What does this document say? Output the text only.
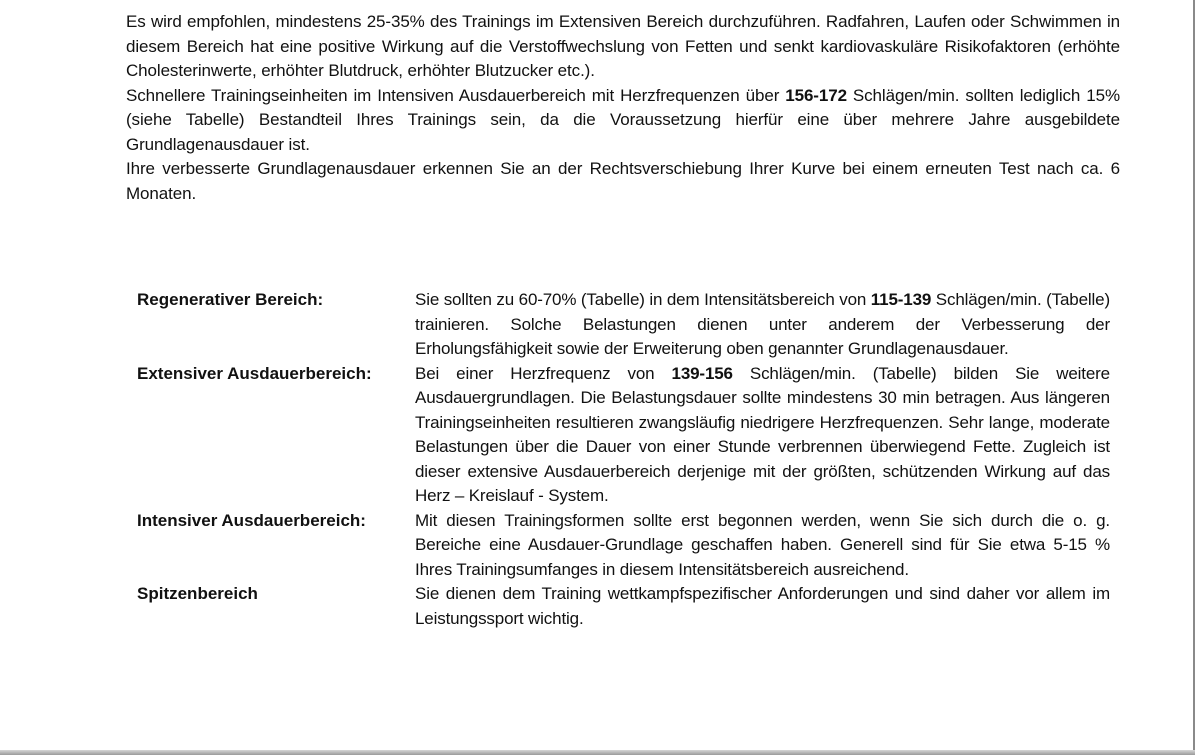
Es wird empfohlen, mindestens 25-35% des Trainings im Extensiven Bereich durchzuführen. Radfahren, Laufen oder Schwimmen in diesem Bereich hat eine positive Wirkung auf die Verstoffwechslung von Fetten und senkt kardiovaskuläre Risikofaktoren (erhöhte Cholesterinwerte, erhöhter Blutdruck, erhöhter Blutzucker etc.).

Schnellere Trainingseinheiten im Intensiven Ausdauerbereich mit Herzfrequenzen über 156-172 Schlägen/min. sollten lediglich 15% (siehe Tabelle) Bestandteil Ihres Trainings sein, da die Voraussetzung hierfür eine über mehrere Jahre ausgebildete Grundlagenausdauer ist.

Ihre verbesserte Grundlagenausdauer erkennen Sie an der Rechtsverschiebung Ihrer Kurve bei einem erneuten Test nach ca. 6 Monaten.

Regenerativer Bereich:	Sie sollten zu 60-70% (Tabelle) in dem Intensitätsbereich von 115-139 Schlägen/min. (Tabelle) trainieren. Solche Belastungen dienen unter anderem der Verbesserung der Erholungsfähigkeit sowie der Erweiterung oben genannter Grundlagenausdauer.
Extensiver Ausdauerbereich:	Bei einer Herzfrequenz von 139-156 Schlägen/min. (Tabelle) bilden Sie weitere Ausdauergrundlagen. Die Belastungsdauer sollte mindestens 30 min betragen. Aus längeren Trainingseinheiten resultieren zwangsläufig niedrigere Herzfrequenzen. Sehr lange, moderate Belastungen über die Dauer von einer Stunde verbrennen überwiegend Fette. Zugleich ist dieser extensive Ausdauerbereich derjenige mit der größten, schützenden Wirkung auf das Herz – Kreislauf - System.
Intensiver Ausdauerbereich:	Mit diesen Trainingsformen sollte erst begonnen werden, wenn Sie sich durch die o. g. Bereiche eine Ausdauer-Grundlage geschaffen haben. Generell sind für Sie etwa 5-15 % Ihres Trainingsumfanges in diesem Intensitätsbereich ausreichend.
Spitzenbereich	Sie dienen dem Training wettkampfspezifischer Anforderungen und sind daher vor allem im Leistungssport wichtig.
